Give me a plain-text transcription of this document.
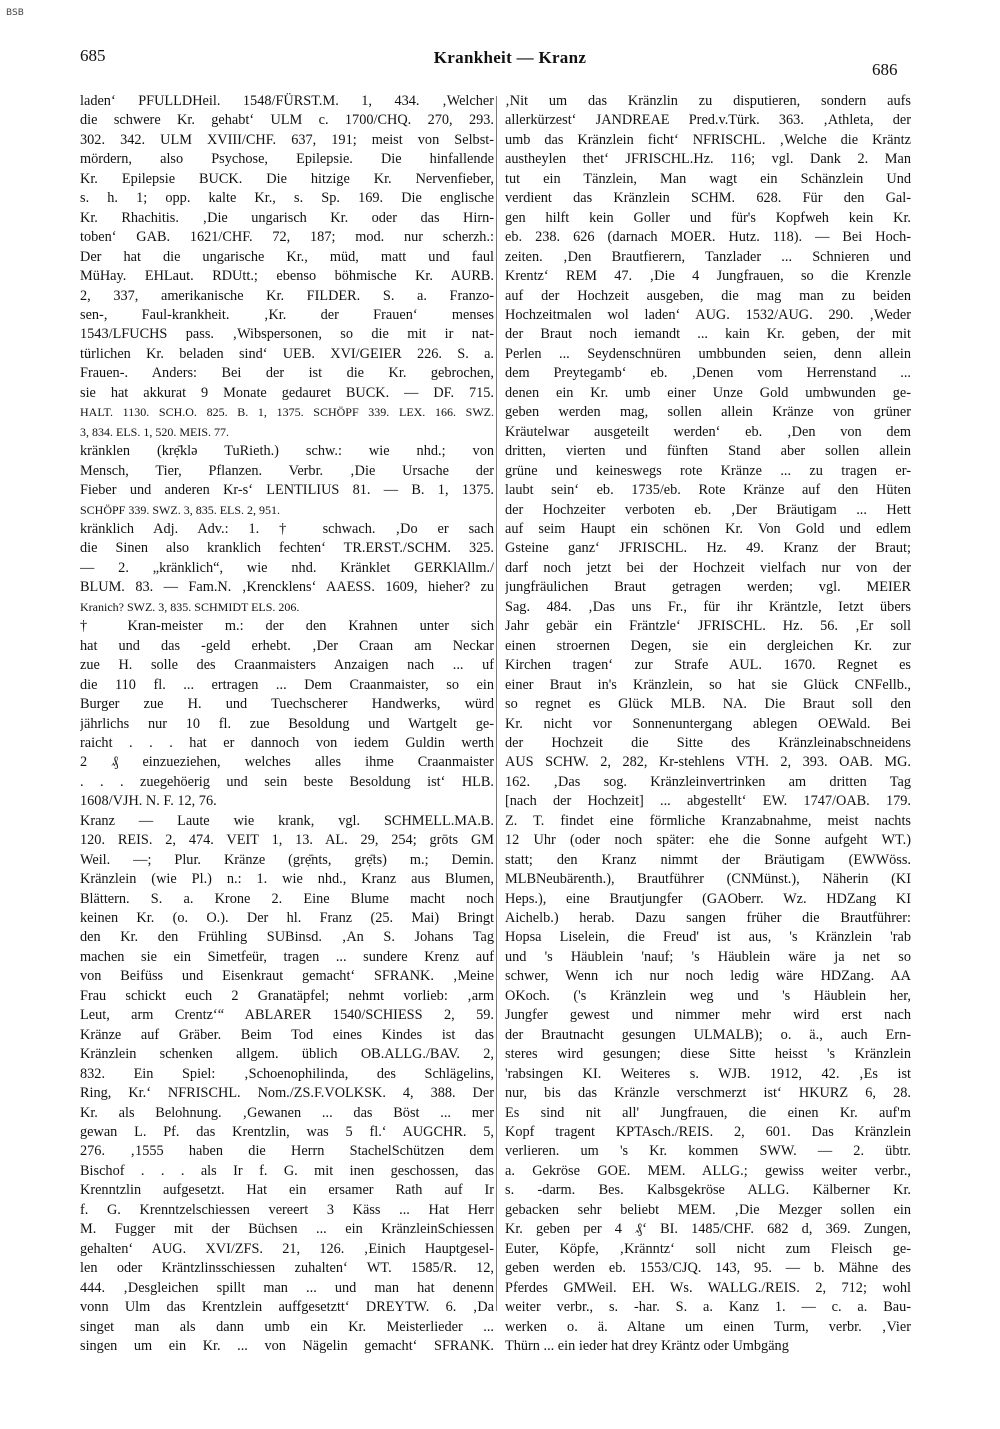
BSB
685	Krankheit — Kranz
686
laden‘ PFULLDHeil. 1548/FÜRST.M. 1, 434. ‚Welcher
die schwere Kr. gehabt‘ ULM c. 1700/CHQ. 270, 293.
302. 342. ULM XVIII/CHF. 637, 191; meist von Selbst-
mördern, also Psychose, Epilepsie. Die hinfallende
Kr. Epilepsie BUCK. Die hitzige Kr. Nervenfieber,
s. h. 1; opp. kalte Kr., s. Sp. 169. Die englische
Kr. Rhachitis. ‚Die ungarisch Kr. oder das Hirn-
toben‘ GAB. 1621/CHF. 72, 187; mod. nur scherzh.:
Der hat die ungarische Kr., müd, matt und faul
MüHay. EHLaut. RDUtt.; ebenso böhmische Kr. AURB.
2, 337, amerikanische Kr. FILDER. S. a. Franzo-
sen-, Faul-krankheit. ‚Kr. der Frauen‘ menses
1543/LFUCHS pass. ‚Wibspersonen, so die mit ir nat-
türlichen Kr. beladen sind‘ UEB. XVI/GEIER 226. S. a.
Frauen-. Anders: Bei der ist die Kr. gebrochen,
sie hat akkurat 9 Monate gedauret BUCK. — DF. 715.
HALT. 1130. SCH.O. 825. B. 1, 1375. SCHÖPF 339. LEX. 166. SWZ.
3, 834. ELS. 1, 520. MEIS. 77.
kränklen (krẹ̄klə TuRieth.) schw.: wie nhd.; von
Mensch, Tier, Pflanzen. Verbr. ‚Die Ursache der
Fieber und anderen Kr-s‘ LENTILIUS 81. — B. 1, 1375.
SCHÖPF 339. SWZ. 3, 835. ELS. 2, 951.
kränklich Adj. Adv.: 1. † schwach. ‚Do er sach
die Sinen also kranklich fechten‘ TR.ERST./SCHM. 325.
— 2. „kränklich“, wie nhd. Kränklet GERKlAllm./
BLUM. 83. — Fam.N. ‚Krencklens‘ AAESS. 1609, hieher? zu
Kranich? SWZ. 3, 835. SCHMIDT ELS. 206.
† Kran-meister m.: der den Krahnen unter sich
hat und das -geld erhebt. ‚Der Craan am Neckar
zue H. solle des Craanmaisters Anzaigen nach ... uf
die 110 fl. ... ertragen ... Dem Craanmaister, so ein
Burger zue H. und Tuechscherer Handwerks, würd
jährlichs nur 10 fl. zue Besoldung und Wartgelt ge-
raicht . . . hat er dannoch von iedem Guldin werth
2 ₰ einzueziehen, welches alles ihme Craanmaister
. . . zuegehöerig und sein beste Besoldung ist‘ HLB.
1608/VJH. N. F. 12, 76.
Kranz — Laute wie krank, vgl. SCHMELL.MA.B.
120. REIS. 2, 474. VEIT 1, 13. AL. 29, 254; grōts GM
Weil. —; Plur. Kränze (grẹ̄nts, grẹ̄ts) m.; Demin.
Kränzlein (wie Pl.) n.: 1. wie nhd., Kranz aus Blumen,
Blättern. S. a. Krone 2. Eine Blume macht noch
keinen Kr. (o. O.). Der hl. Franz (25. Mai) Bringt
den Kr. den Frühling SUBinsd. ‚An S. Johans Tag
machen sie ein Simetfeür, tragen ... sundere Krenz auf
von Beifüss und Eisenkraut gemacht‘ SFRANK. ‚Meine
Frau schickt euch 2 Granatäpfel; nehmt vorlieb: ‚arm
Leut, arm Crentz‘“ ABLARER 1540/SCHIESS 2, 59.
Kränze auf Gräber. Beim Tod eines Kindes ist das
Kränzlein schenken allgem. üblich OB.ALLG./BAV. 2,
832. Ein Spiel: ‚Schoenophilinda, des Schlägelins,
Ring, Kr.‘ NFRISCHL. Nom./ZS.F.VOLKSK. 4, 388. Der
Kr. als Belohnung. ‚Gewanen ... das Böst ... mer
gewan L. Pf. das Krentzlin, was 5 fl.‘ AUGCHR. 5,
276. ‚1555 haben die Herrn StachelSchützen dem
Bischof . . . als Ir f. G. mit inen geschossen, das
Krenntzlin aufgesetzt. Hat ein ersamer Rath auf Ir
f. G. Krenntzelschiessen vereert 3 Käss ... Hat Herr
M. Fugger mit der Büchsen ... ein KränzleinSchiessen
gehalten‘ AUG. XVI/ZFS. 21, 126. ‚Einich Hauptgesel-
len oder Kräntzlinsschiessen zuhalten‘ WT. 1585/R. 12,
444. ‚Desgleichen spillt man ... und man hat denenn
vonn Ulm das Krentzlein auffgesetztt‘ DREYTW. 6. ‚Da
singet man als dann umb ein Kr. Meisterlieder ...
singen um ein Kr. ... von Nägelin gemacht‘ SFRANK.
‚Nit um das Kränzlin zu disputieren, sondern aufs
allerkürzest‘ JANDREAE Pred.v.Türk. 363. ‚Athleta, der
umb das Kränzlein ficht‘ NFRISCHL. ‚Welche die Kräntz
austheylen thet‘ JFRISCHL.Hz. 116; vgl. Dank 2. Man
tut ein Tänzlein, Man wagt ein Schänzlein Und
verdient das Kränzlein SCHM. 628. Für den Gal-
gen hilft kein Goller und für's Kopfweh kein Kr.
eb. 238. 626 (darnach MOER. Hutz. 118). — Bei Hoch-
zeiten. ‚Den Brautfierern, Tanzlader ... Schnieren und
Krentz‘ REM 47. ‚Die 4 Jungfrauen, so die Krenzle
auf der Hochzeit ausgeben, die mag man zu beiden
Hochzeitmalen wol laden‘ AUG. 1532/AUG. 290. ‚Weder
der Braut noch iemandt ... kain Kr. geben, der mit
Perlen ... Seydenschnüren umbbunden seien, denn allein
dem Preytegamb‘ eb. ‚Denen vom Herrenstand ...
denen ein Kr. umb einer Unze Gold umbwunden ge-
geben werden mag, sollen allein Kränze von grüner
Kräutelwar ausgeteilt werden‘ eb. ‚Den von dem
dritten, vierten und fünften Stand aber sollen allein
grüne und keineswegs rote Kränze ... zu tragen er-
laubt sein‘ eb. 1735/eb. Rote Kränze auf den Hüten
der Hochzeiter verboten eb. ‚Der Bräutigam ... Hett
auf seim Haupt ein schönen Kr. Von Gold und edlem
Gsteine ganz‘ JFRISCHL. Hz. 49. Kranz der Braut;
darf noch jetzt bei der Hochzeit vielfach nur von der
jungfräulichen Braut getragen werden; vgl. MEIER
Sag. 484. ‚Das uns Fr., für ihr Kräntzle, Ietzt übers
Jahr gebär ein Fräntzle‘ JFRISCHL. Hz. 56. ‚Er soll
einen stroernen Degen, sie ein dergleichen Kr. zur
Kirchen tragen‘ zur Strafe AUL. 1670. Regnet es
einer Braut in's Kränzlein, so hat sie Glück CNFellb.,
so regnet es Glück MLB. NA. Die Braut soll den
Kr. nicht vor Sonnenuntergang ablegen OEWald. Bei
der Hochzeit die Sitte des Kränzleinabschneidens
AUS SCHW. 2, 282, Kr-stehlens VTH. 2, 393. OAB. MG.
162. ‚Das sog. Kränzleinvertrinken am dritten Tag
[nach der Hochzeit] ... abgestellt‘ EW. 1747/OAB. 179.
Z. T. findet eine förmliche Kranzabnahme, meist nachts
12 Uhr (oder noch später: ehe die Sonne aufgeht WT.)
statt; den Kranz nimmt der Bräutigam (EWWöss.
MLBNeubärenth.), Brautführer (CNMünst.), Näherin (KI
Heps.), eine Brautjungfer (GAOberr. Wz. HDZang KI
Aichelb.) herab. Dazu sangen früher die Brautführer:
Hopsa Liselein, die Freud' ist aus, 's Kränzlein 'rab
und 's Häublein 'nauf; 's Häublein wäre ja net so
schwer, Wenn ich nur noch ledig wäre HDZang. AA
OKoch. ('s Kränzlein weg und 's Häublein her,
Jungfer gewest und nimmer mehr wird erst nach
der Brautnacht gesungen ULMALB); o. ä., auch Ern-
steres wird gesungen; diese Sitte heisst 's Kränzlein
'rabsingen KI. Weiteres s. WJB. 1912, 42. ‚Es ist
nur, bis das Kränzle verschmerzt ist‘ HKURZ 6, 28.
Es sind nit all' Jungfrauen, die einen Kr. auf'm
Kopf tragent KPTAsch./REIS. 2, 601. Das Kränzlein
verlieren. um 's Kr. kommen SWW. — 2. übtr.
a. Gekröse GOE. MEM. ALLG.; gewiss weiter verbr.,
s. -darm. Bes. Kalbsgekröse ALLG. Kälberner Kr.
gebacken sehr beliebt MEM. ‚Die Mezger sollen ein
Kr. geben per 4 ₰‘ BI. 1485/CHF. 682 d, 369. Zungen,
Euter, Köpfe, ‚Kränntz‘ soll nicht zum Fleisch ge-
geben werden eb. 1553/CJQ. 143, 95. — b. Mähne des
Pferdes GMWeil. EH. Ws. WALLG./REIS. 2, 712; wohl
weiter verbr., s. -har. S. a. Kanz 1. — c. a. Bau-
werken o. ä. Altane um einen Turm, verbr. ‚Vier
Thürn ... ein ieder hat drey Kräntz oder Umbgäng
